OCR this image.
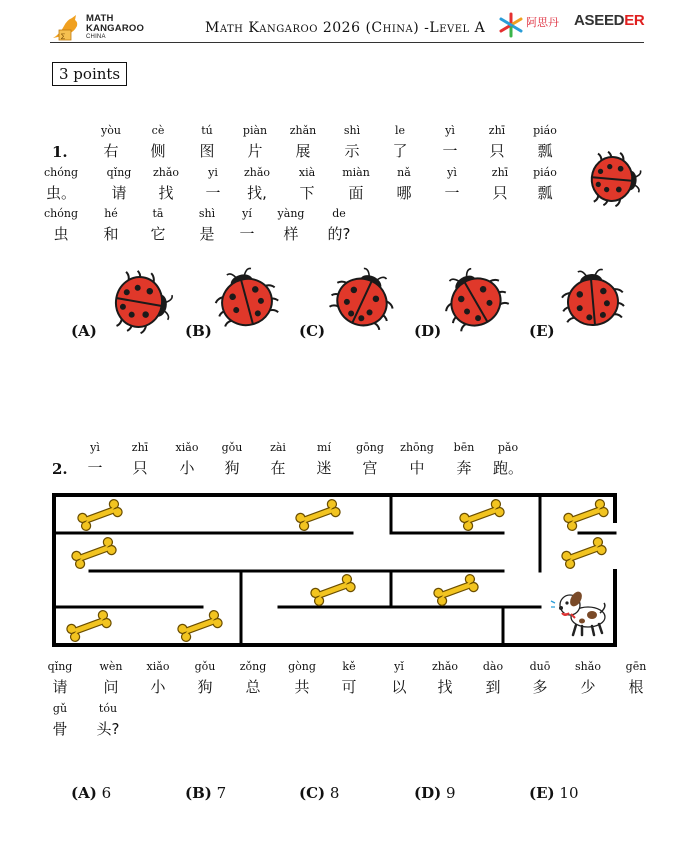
∑
MATH
KANGAROO
CHINA
Math Kangaroo 2026 (China) -Level A	阿思丹 ASEEDER
3 points
1.
yòu	cè	tú	piàn zhǎn	shì	le	yì	zhī	piáo
右 侧 图 片 展 示 了 一 只 瓢
chóng	qǐng zhǎo	yi zhǎo	xià miàn nǎ	yì	zhī piáo
虫。 请 找 一 找, 下 面 哪 一 只 瓢
chóng hé	tā	shì yí yàng	de
虫 和 它 是 一 样 的?
(A)	(B)	(C)	(D)	(E)
2.
yì	zhī xiǎo gǒu	zài	mí gōng zhōng bēn pǎo
一 只 小 狗 在 迷 宫 中 奔 跑。
qǐng wèn xiǎo gǒu zǒng gòng kě	yǐ	zhǎo dào duō shǎo gēn
请 问 小 狗 总 共 可 以 找 到 多 少 根
gǔ	tóu
骨 头?
(A) 6	(B) 7	(C) 8	(D) 9	(E) 10
